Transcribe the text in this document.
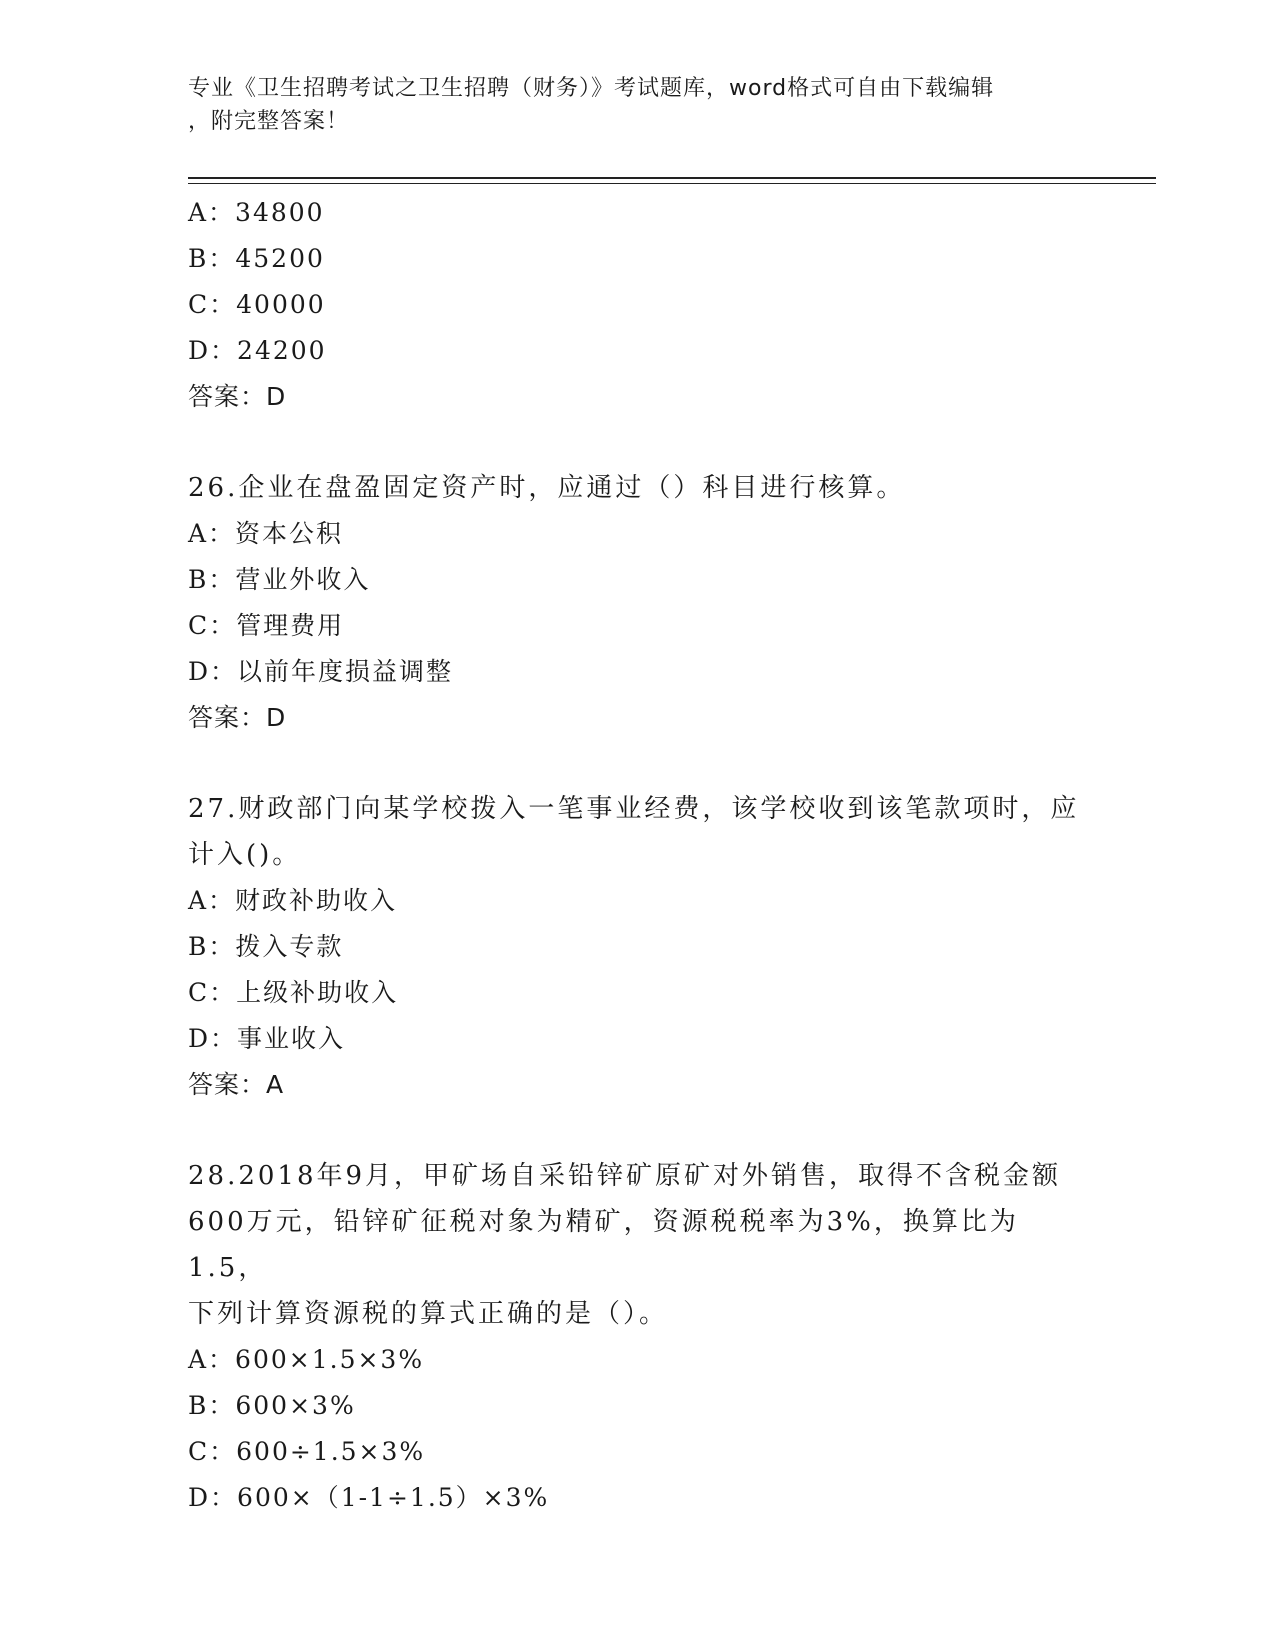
专业《卫生招聘考试之卫生招聘（财务）》考试题库，word格式可自由下载编辑
，附完整答案！
A：34800
B：45200
C：40000
D：24200
答案：D
26.企业在盘盈固定资产时，应通过（）科目进行核算。
A：资本公积
B：营业外收入
C：管理费用
D：以前年度损益调整
答案：D
27.财政部门向某学校拨入一笔事业经费，该学校收到该笔款项时，应
计入()。
A：财政补助收入
B：拨入专款
C：上级补助收入
D：事业收入
答案：A
28.2018年9月，甲矿场自采铅锌矿原矿对外销售，取得不含税金额
600万元，铅锌矿征税对象为精矿，资源税税率为3%，换算比为1.5，
下列计算资源税的算式正确的是（）。
A：600×1.5×3%
B：600×3%
C：600÷1.5×3%
D：600×（1-1÷1.5）×3%
